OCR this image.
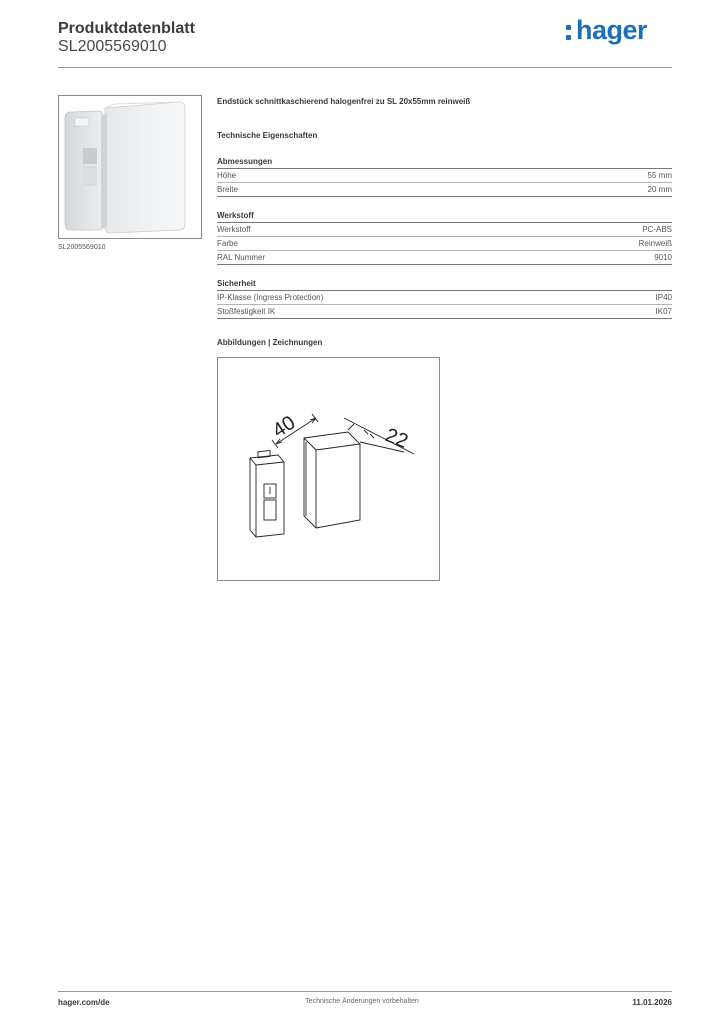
Produktdatenblatt
SL2005569010
hager
SL2005569010
Endstück schnittkaschierend halogenfrei zu SL 20x55mm reinweiß
Technische Eigenschaften
Abmessungen
Höhe	55 mm
Breite	20 mm
Werkstoff
Werkstoff	PC-ABS
Farbe	Reinweiß
RAL Nummer	9010
Sicherheit
IP-Klasse (Ingress Protection)	IP40
Stoßfestigkeit IK	IK07
Abbildungen | Zeichnungen
40	22
hager.com/de	Technische Änderungen vorbehalten	11.01.2026
